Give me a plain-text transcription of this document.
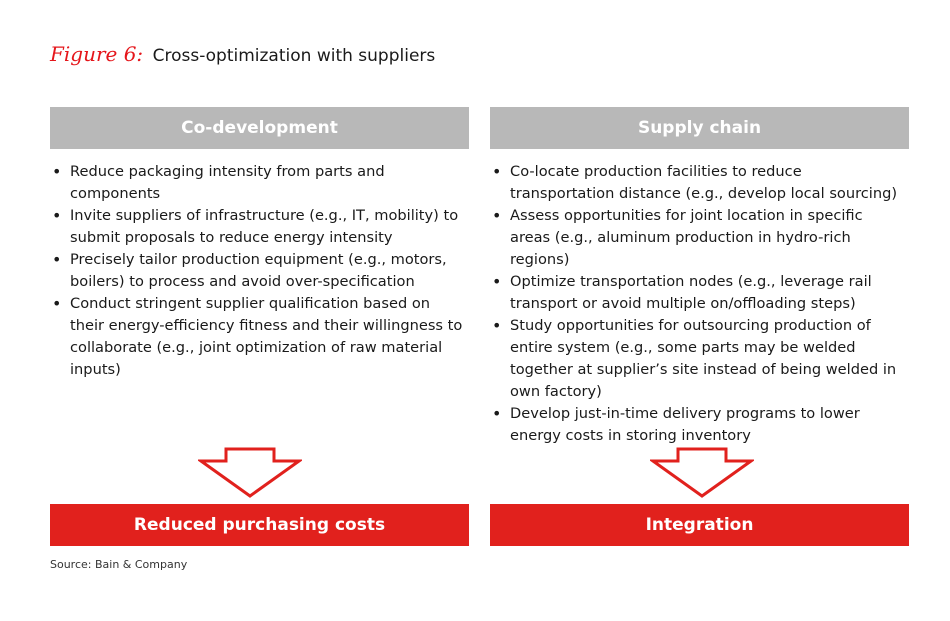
Figure 6: Cross-optimization with suppliers
Co-development
• Reduce packaging intensity from parts and components
• Invite suppliers of infrastructure (e.g., IT, mobility) to submit proposals to reduce energy intensity
• Precisely tailor production equipment (e.g., motors, boilers) to process and avoid over-specification
• Conduct stringent supplier qualification based on their energy-efficiency fitness and their willingness to collaborate (e.g., joint optimization of raw material inputs)
Supply chain
• Co-locate production facilities to reduce transportation distance (e.g., develop local sourcing)
• Assess opportunities for joint location in specific areas (e.g., aluminum production in hydro-rich regions)
• Optimize transportation nodes (e.g., leverage rail transport or avoid multiple on/offloading steps)
• Study opportunities for outsourcing production of entire system (e.g., some parts may be welded together at supplier’s site instead of being welded in own factory)
• Develop just-in-time delivery programs to lower energy costs in storing inventory
Reduced purchasing costs	Integration
Source: Bain & Company
